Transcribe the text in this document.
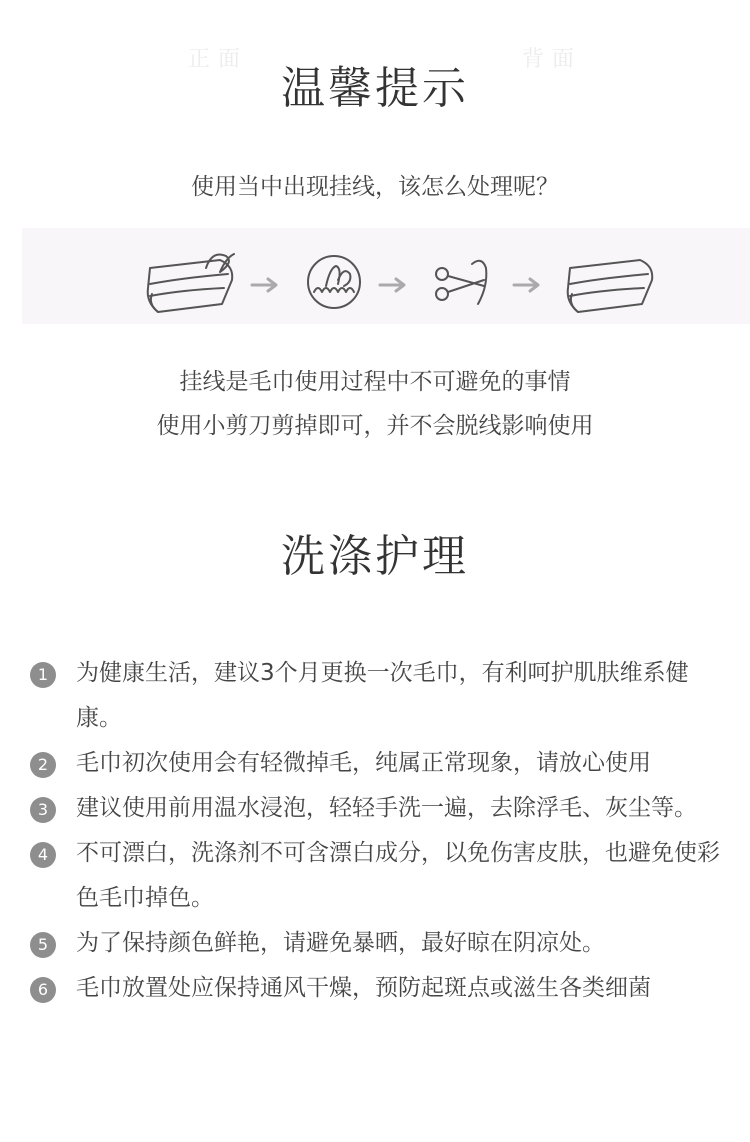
正面	背面
温馨提示
使用当中出现挂线，该怎么处理呢？
挂线是毛巾使用过程中不可避免的事情
使用小剪刀剪掉即可，并不会脱线影响使用
洗涤护理
1	为健康生活，建议3个月更换一次毛巾，有利呵护肌肤维系健康。
2	毛巾初次使用会有轻微掉毛，纯属正常现象，请放心使用
3	建议使用前用温水浸泡，轻轻手洗一遍，去除浮毛、灰尘等。
4	不可漂白，洗涤剂不可含漂白成分，以免伤害皮肤，也避免使彩色毛巾掉色。
5	为了保持颜色鲜艳，请避免暴晒，最好晾在阴凉处。
6	毛巾放置处应保持通风干燥，预防起斑点或滋生各类细菌
